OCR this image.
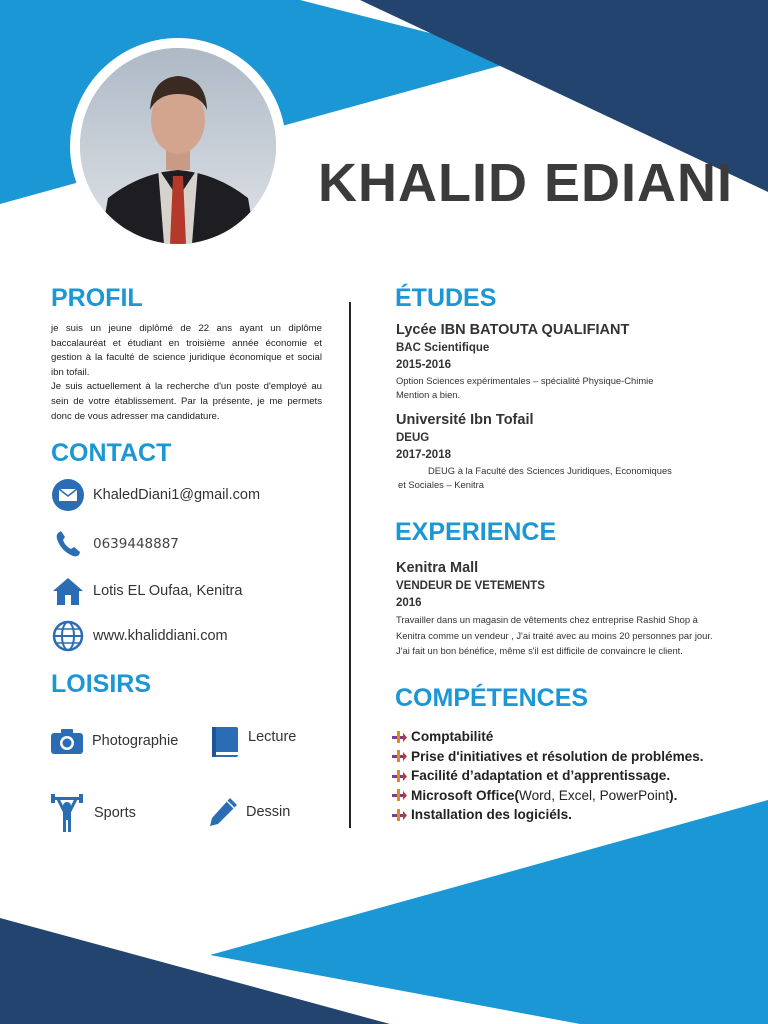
KHALID EDIANI
PROFIL

je suis un jeune diplômé de 22 ans ayant un diplôme baccalauréat et étudiant en troisième année économie et gestion à la faculté de science juridique économique et social ibn tofail.

Je suis actuellement à la recherche d'un poste d'employé au sein de votre établissement. Par la présente, je me permets donc de vous adresser ma candidature.

CONTACT
KhaledDiani1@gmail.com
0639448887
Lotis EL Oufaa, Kenitra
www.khaliddiani.com
LOISIRS
Photographie	Lecture
Sports	Dessin
ÉTUDES
Lycée IBN BATOUTA QUALIFIANT
BAC Scientifique
2015-2016
Option Sciences expérimentales – spécialité Physique-Chimie
Mention a bien.
Université Ibn Tofail
DEUG
2017-2018
DEUG à la Faculté des Sciences Juridiques, Economiques
et Sociales – Kenitra
EXPERIENCE
Kenitra Mall
VENDEUR DE VETEMENTS
2016
Travailler dans un magasin de vêtements chez entreprise Rashid Shop à Kenitra comme un vendeur , J'ai traité avec au moins 20 personnes par jour. J'ai fait un bon bénéfice, même s'il est difficile de convaincre le client.
COMPÉTENCES
Comptabilité
Prise d'initiatives et résolution de problémes.
Facilité d’adaptation et d’apprentissage.
Microsoft Office( Word, Excel, PowerPoint ).
Installation des logiciéls.
